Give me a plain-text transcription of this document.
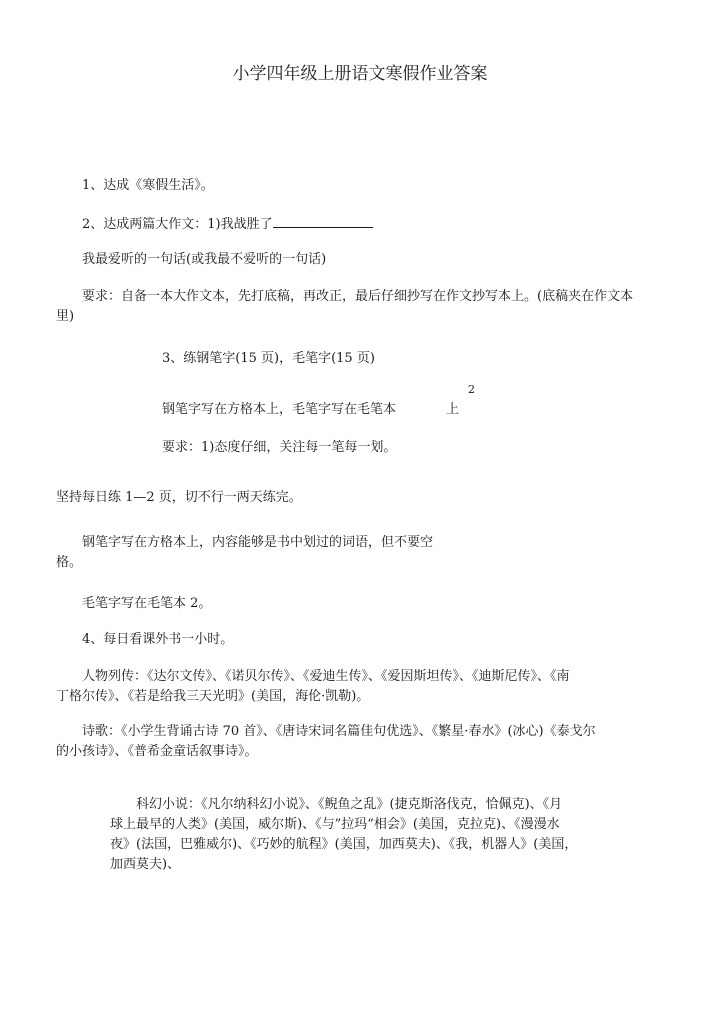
小学四年级上册语文寒假作业答案
1、达成《寒假生活》。
2、达成两篇大作文：1)我战胜了
我最爱听的一句话(或我最不爱听的一句话)
要求：自备一本大作文本，先打底稿，再改正，最后仔细抄写在作文抄写本上。(底稿夹在作文本
里)
3、练钢笔字(15 页)，毛笔字(15 页)
2
钢笔字写在方格本上，毛笔字写在毛笔本	上
要求：1)态度仔细，关注每一笔每一划。
坚持每日练 1—2 页，切不行一两天练完。
钢笔字写在方格本上，内容能够是书中划过的词语，但不要空
格。
毛笔字写在毛笔本 2。
4、每日看课外书一小时。
人物列传：《达尔文传》、《诺贝尔传》、《爱迪生传》、《爱因斯坦传》、《迪斯尼传》、《南
丁格尔传》、《若是给我三天光明》(美国，海伦·凯勒)。
诗歌：《小学生背诵古诗 70 首》、《唐诗宋词名篇佳句优选》、《繁星·春水》(冰心)《泰戈尔
的小孩诗》、《普希金童话叙事诗》。
科幻小说：《凡尔纳科幻小说》、《鲵鱼之乱》(捷克斯洛伐克，恰佩克)、《月
球上最早的人类》(美国，威尔斯)、《与”拉玛“相会》(美国，克拉克)、《漫漫水
夜》(法国，巴雅威尔)、《巧妙的航程》(美国，加西莫夫)、《我，机器人》(美国，
加西莫夫)、
